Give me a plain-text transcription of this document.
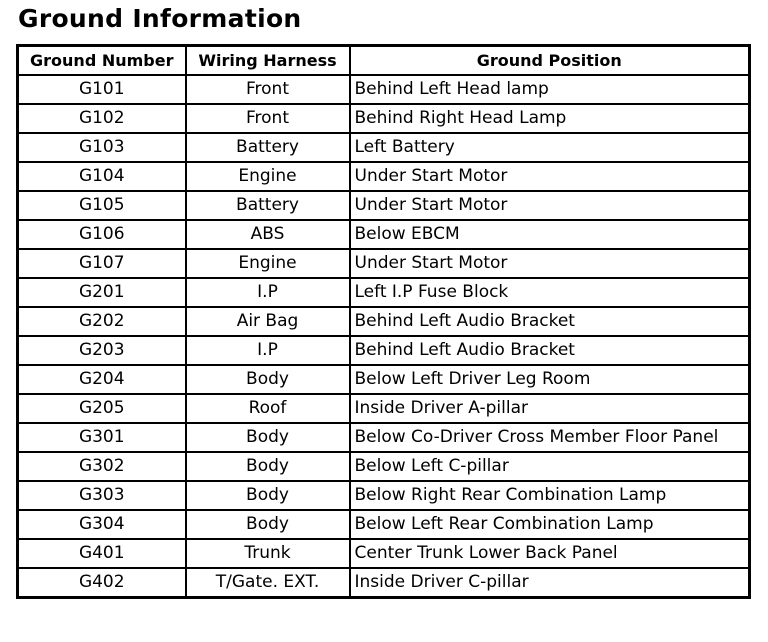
Ground Information
Ground Number	Wiring Harness	Ground Position
G101	Front	Behind Left Head lamp
G102	Front	Behind Right Head Lamp
G103	Battery	Left Battery
G104	Engine	Under Start Motor
G105	Battery	Under Start Motor
G106	ABS	Below EBCM
G107	Engine	Under Start Motor
G201	I.P	Left I.P Fuse Block
G202	Air Bag	Behind Left Audio Bracket
G203	I.P	Behind Left Audio Bracket
G204	Body	Below Left Driver Leg Room
G205	Roof	Inside Driver A-pillar
G301	Body	Below Co-Driver Cross Member Floor Panel
G302	Body	Below Left C-pillar
G303	Body	Below Right Rear Combination Lamp
G304	Body	Below Left Rear Combination Lamp
G401	Trunk	Center Trunk Lower Back Panel
G402	T/Gate. EXT.	Inside Driver C-pillar
